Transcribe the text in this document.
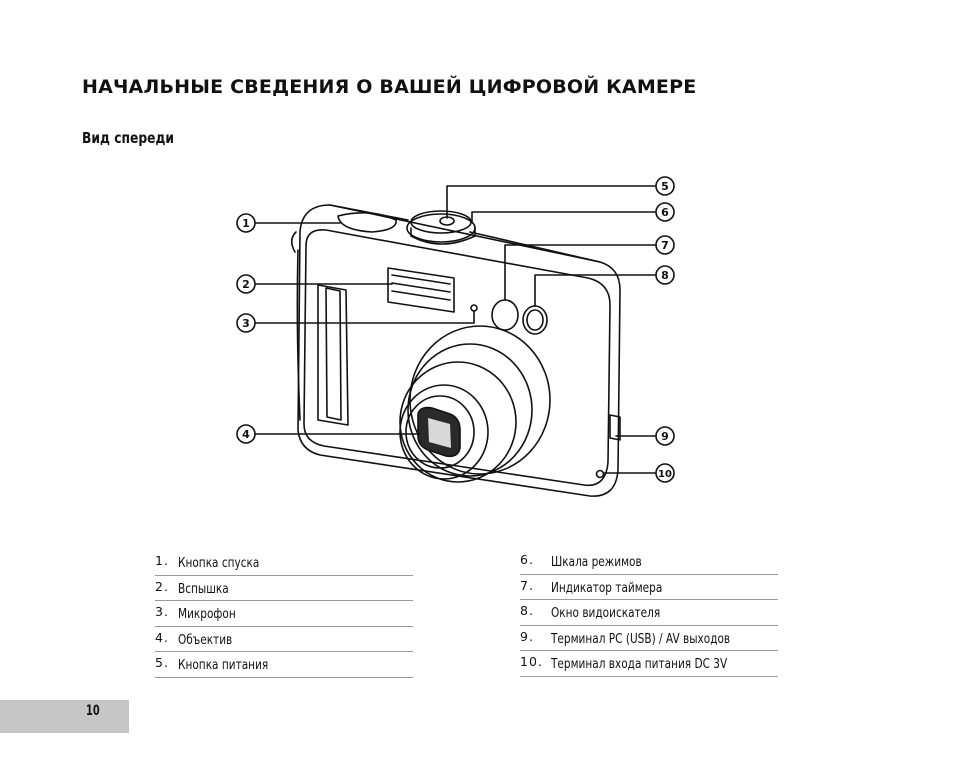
НАЧАЛЬНЫЕ СВЕДЕНИЯ О ВАШЕЙ ЦИФРОВОЙ КАМЕРЕ
Вид спереди
1
2
3
4
5
6
7
8
9
10
1. Кнопка спуска
2. Вспышка
3. Микрофон
4. Объектив
5. Кнопка питания
6. Шкала режимов
7. Индикатор таймера
8. Окно видоискателя
9. Терминал PC (USB) / AV выходов
10. Терминал входа питания DC 3V
10
